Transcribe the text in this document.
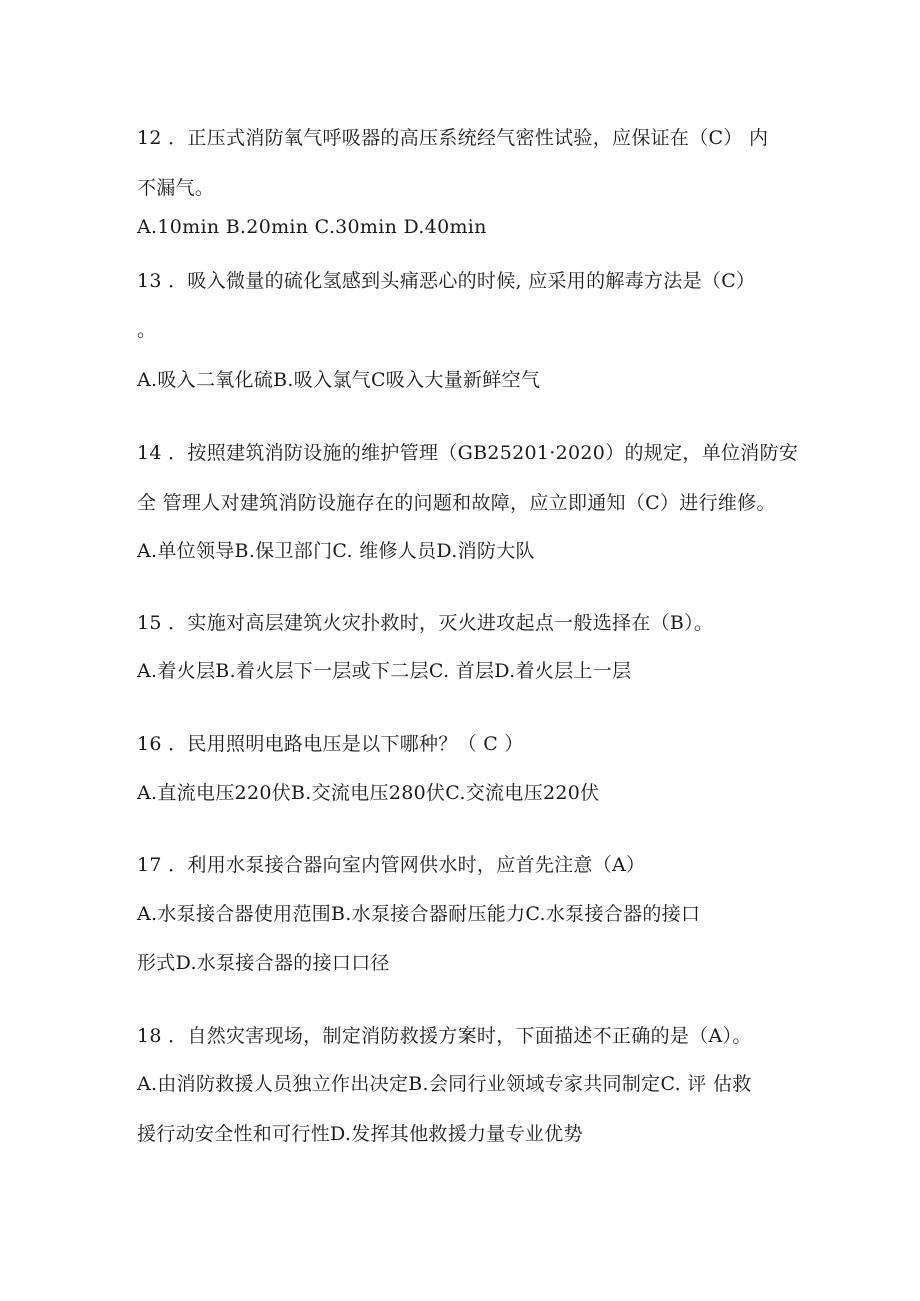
12 ．正压式消防氧气呼吸器的高压系统经气密性试验，应保证在（C） 内
不漏气。
A.10min B.20min C.30min D.40min
13 ．吸入微量的硫化氢感到头痛恶心的时候, 应采用的解毒方法是（C）
。
A.吸入二氧化硫B.吸入氯气C吸入大量新鲜空气
14 ．按照建筑消防设施的维护管理（GB25201·2020）的规定，单位消防安
全 管理人对建筑消防设施存在的问题和故障，应立即通知（C）进行维修。
A.单位领导B.保卫部门C. 维修人员D.消防大队
15 ．实施对高层建筑火灾扑救时，灭火进攻起点一般选择在（B）。
A.着火层B.着火层下一层或下二层C. 首层D.着火层上一层
16 ．民用照明电路电压是以下哪种？（ C ）
A.直流电压220伏B.交流电压280伏C.交流电压220伏
17 ．利用水泵接合器向室内管网供水时，应首先注意（A）
A.水泵接合器使用范围B.水泵接合器耐压能力C.水泵接合器的接口
形式D.水泵接合器的接口口径
18 ．自然灾害现场，制定消防救援方案时，下面描述不正确的是（A）。
A.由消防救援人员独立作出决定B.会同行业领域专家共同制定C. 评 估救
援行动安全性和可行性D.发挥其他救援力量专业优势
